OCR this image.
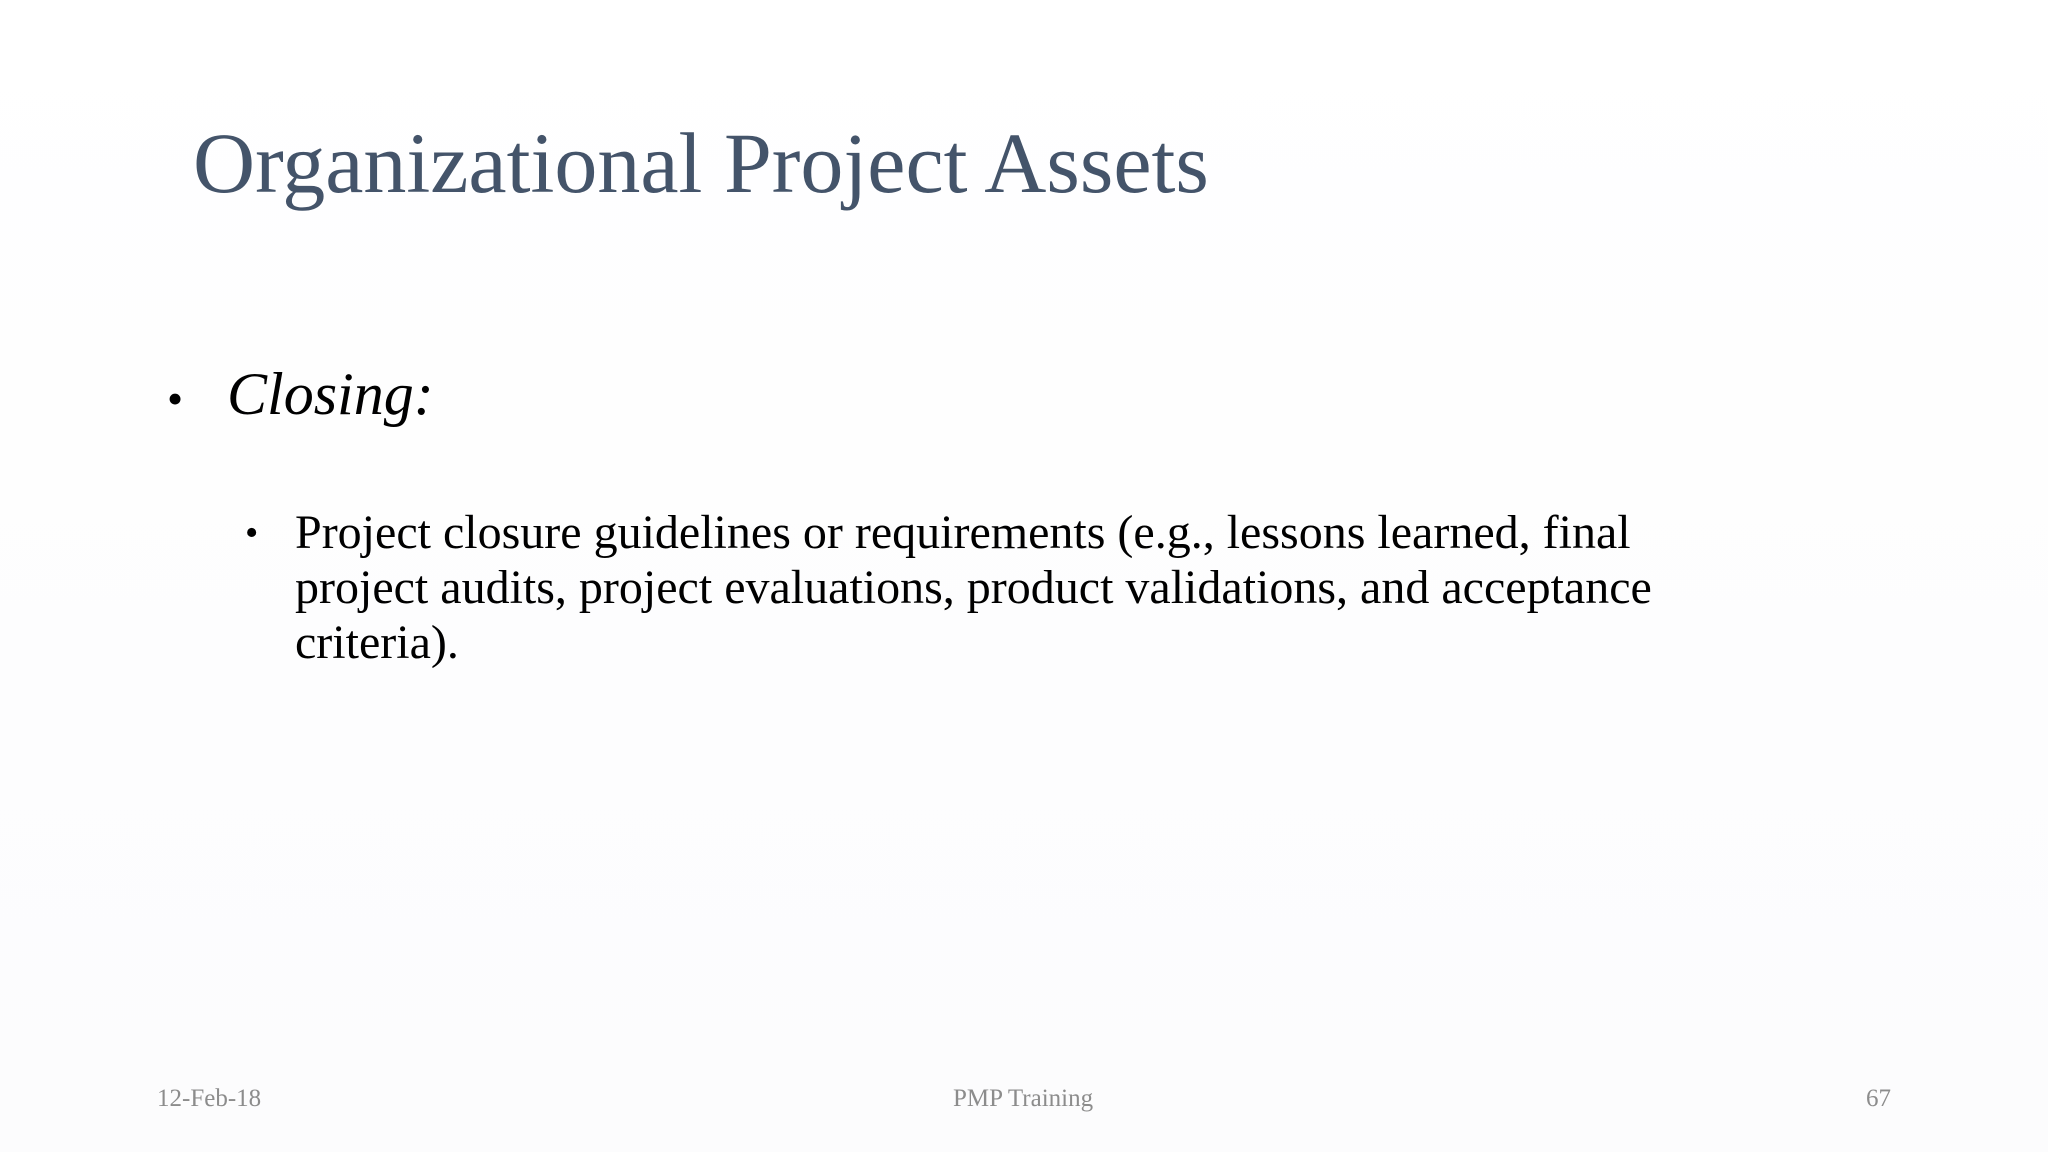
Organizational Project Assets
• Closing:
• Project closure guidelines or requirements (e.g., lessons learned, final project audits, project evaluations, product validations, and acceptance criteria).
12-Feb-18	PMP Training	67
